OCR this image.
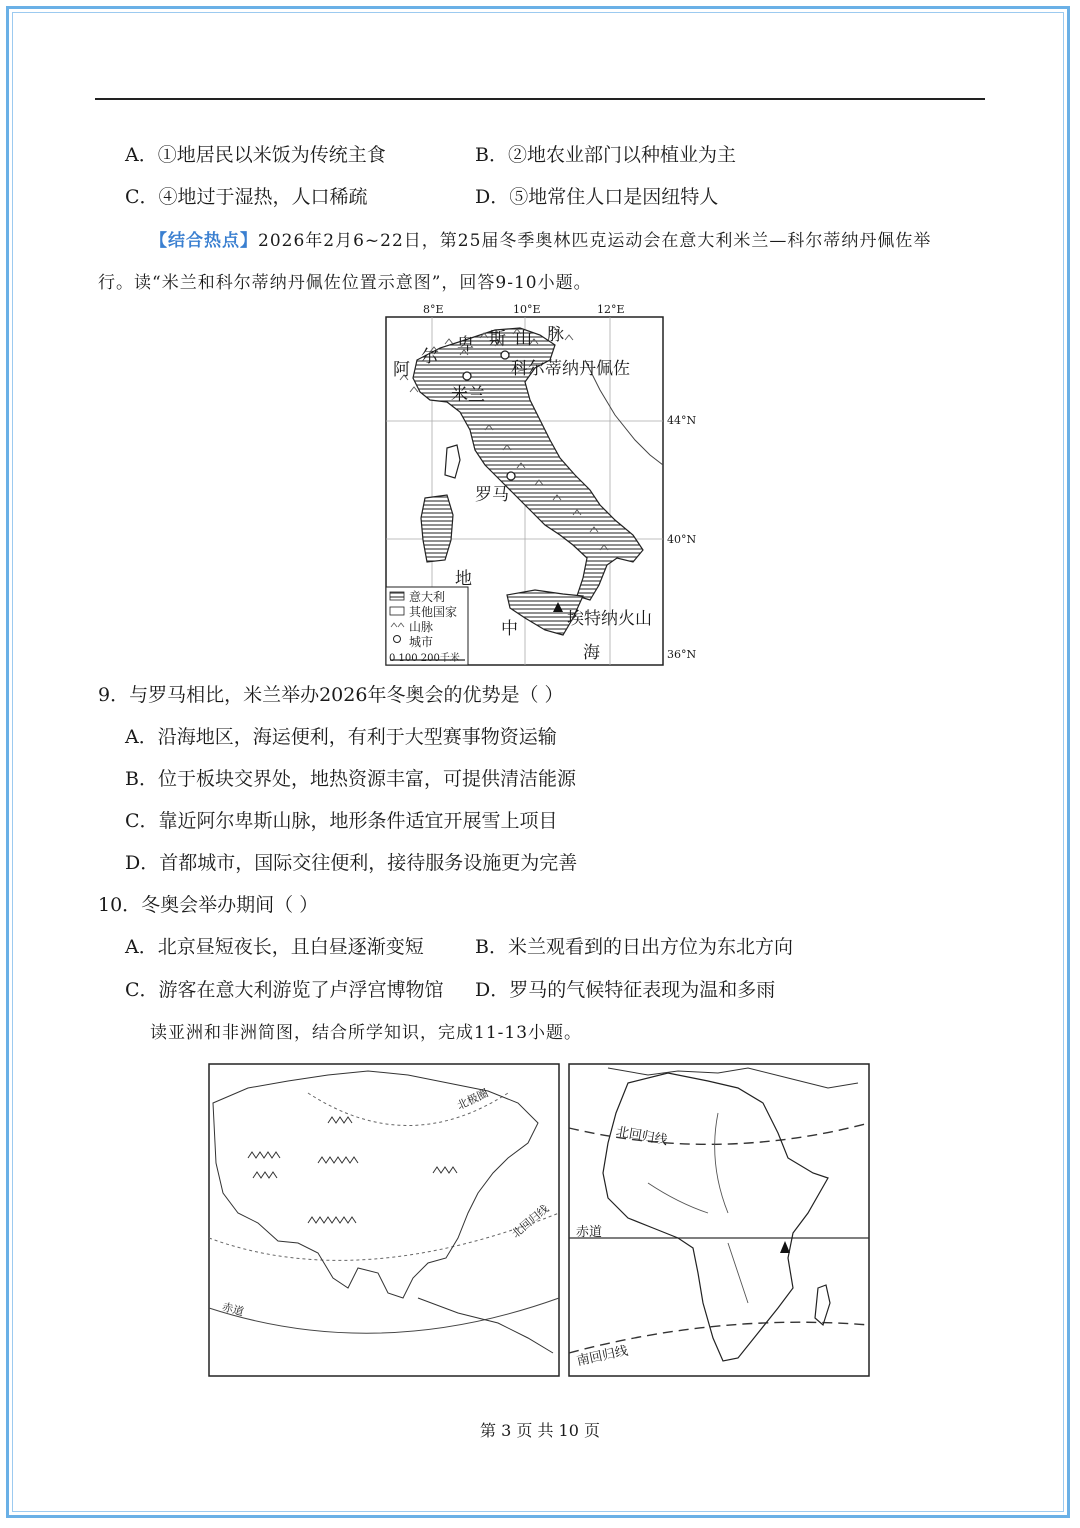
A．①地居民以米饭为传统主食	B．②地农业部门以种植业为主
C．④地过于湿热，人口稀疏	D．⑤地常住人口是因纽特人
【结合热点】2026年2月6~22日，第25届冬季奥林匹克运动会在意大利米兰—科尔蒂纳丹佩佐举
行。读“米兰和科尔蒂纳丹佩佐位置示意图”，回答9-10小题。
8°E	10°E	12°E
44°N
40°N
36°N
阿
尔
卑 斯 山 脉
科尔蒂纳丹佩佐
米兰
罗马
地
中
海
埃特纳火山
意大利
其他国家
山脉
城市
0 100 200千米
9．与罗马相比，米兰举办2026年冬奥会的优势是（ ）
A．沿海地区，海运便利，有利于大型赛事物资运输
B．位于板块交界处，地热资源丰富，可提供清洁能源
C．靠近阿尔卑斯山脉，地形条件适宜开展雪上项目
D．首都城市，国际交往便利，接待服务设施更为完善
10．冬奥会举办期间（ ）
A．北京昼短夜长，且白昼逐渐变短	B．米兰观看到的日出方位为东北方向
C．游客在意大利游览了卢浮宫博物馆 D．罗马的气候特征表现为温和多雨
读亚洲和非洲简图，结合所学知识，完成11-13小题。
北极圈
北回归线
赤道
北回归线
赤道
南回归线
第 3 页 共 10 页
